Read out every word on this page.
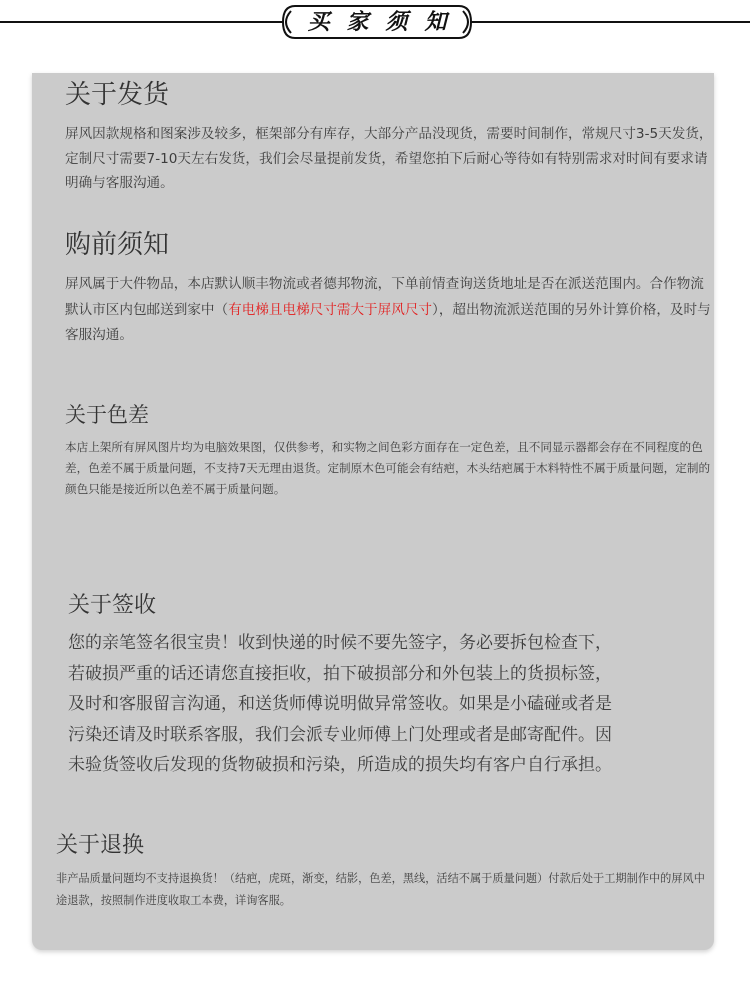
买家须知
关于发货

屏风因款规格和图案涉及较多，框架部分有库存，大部分产品没现货，需要时间制作，常规尺寸3-5天发货，定制尺寸需要7-10天左右发货，我们会尽量提前发货，希望您拍下后耐心等待如有特别需求对时间有要求请明确与客服沟通。

购前须知

屏风属于大件物品，本店默认顺丰物流或者德邦物流，下单前情查询送货地址是否在派送范围内。合作物流默认市区内包邮送到家中（有电梯且电梯尺寸需大于屏风尺寸），超出物流派送范围的另外计算价格，及时与客服沟通。

关于色差

本店上架所有屏风图片均为电脑效果图，仅供参考，和实物之间色彩方面存在一定色差，且不同显示器都会存在不同程度的色差，色差不属于质量问题，不支持7天无理由退货。定制原木色可能会有结疤，木头结疤属于木料特性不属于质量问题，定制的颜色只能是接近所以色差不属于质量问题。

关于签收

您的亲笔签名很宝贵！收到快递的时候不要先签字，务必要拆包检查下，
若破损严重的话还请您直接拒收，拍下破损部分和外包装上的货损标签，
及时和客服留言沟通，和送货师傅说明做异常签收。如果是小磕碰或者是
污染还请及时联系客服，我们会派专业师傅上门处理或者是邮寄配件。因
未验货签收后发现的货物破损和污染，所造成的损失均有客户自行承担。

关于退换

非产品质量问题均不支持退换货！（结疤，虎斑，渐变，结影，色差，黑线，活结不属于质量问题）付款后处于工期制作中的屏风中途退款，按照制作进度收取工本费，详询客服。
